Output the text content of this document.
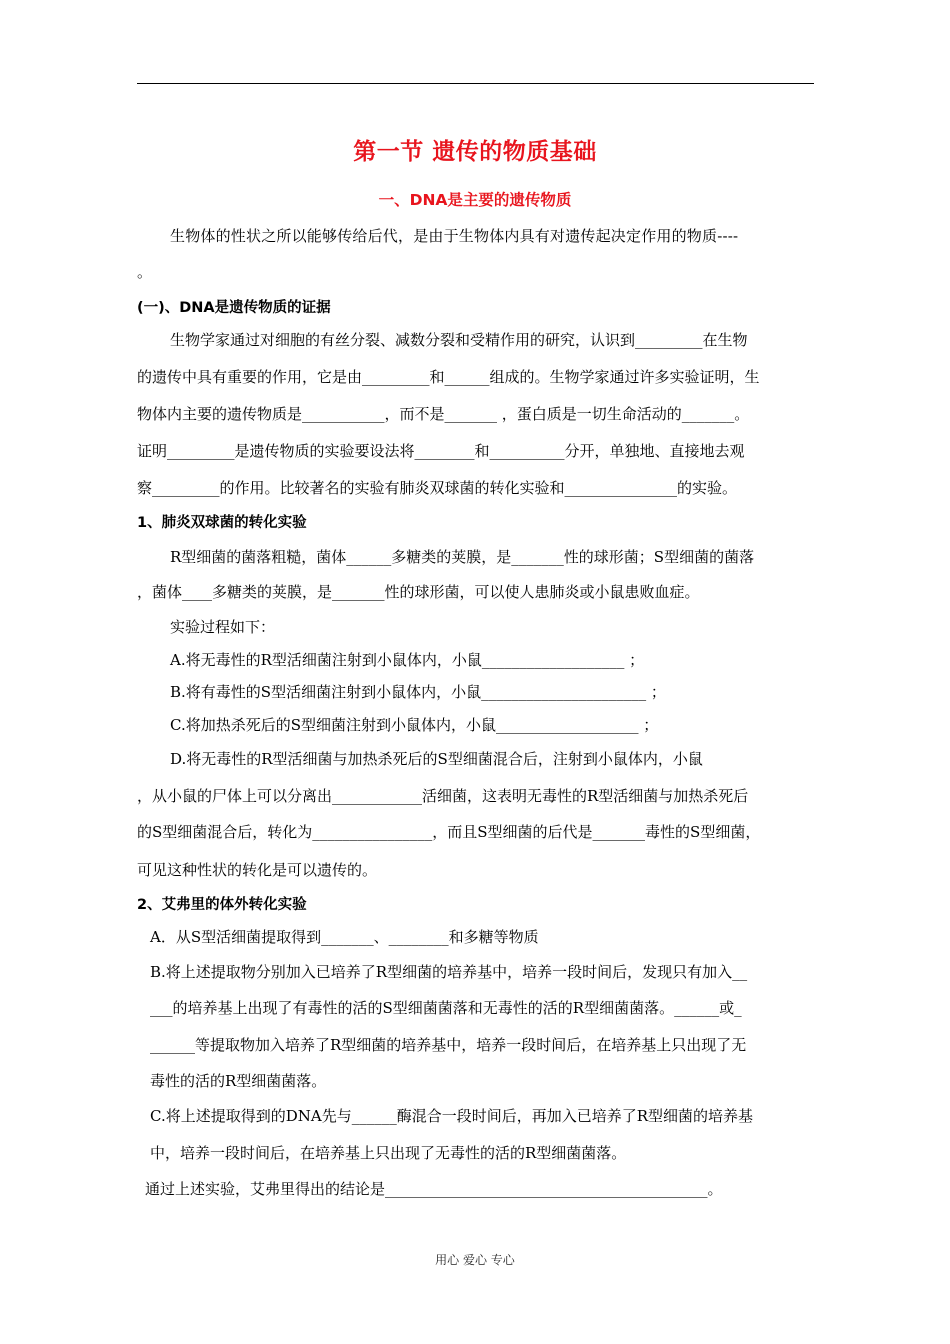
第一节 遗传的物质基础
一、DNA是主要的遗传物质
生物体的性状之所以能够传给后代，是由于生物体内具有对遗传起决定作用的物质----
。
(一)、DNA是遗传物质的证据
生物学家通过对细胞的有丝分裂、减数分裂和受精作用的研究，认识到_________在生物
的遗传中具有重要的作用，它是由_________和______组成的。生物学家通过许多实验证明，生
物体内主要的遗传物质是___________，而不是_______ ，蛋白质是一切生命活动的_______。
证明_________是遗传物质的实验要设法将________和__________分开，单独地、直接地去观
察_________的作用。比较著名的实验有肺炎双球菌的转化实验和_______________的实验。
1、肺炎双球菌的转化实验
R型细菌的菌落粗糙，菌体______多糖类的荚膜，是_______性的球形菌；S型细菌的菌落
，菌体____多糖类的荚膜，是_______性的球形菌，可以使人患肺炎或小鼠患败血症。
实验过程如下：
A.将无毒性的R型活细菌注射到小鼠体内，小鼠___________________ ；
B.将有毒性的S型活细菌注射到小鼠体内，小鼠______________________ ；
C.将加热杀死后的S型细菌注射到小鼠体内，小鼠___________________ ；
D.将无毒性的R型活细菌与加热杀死后的S型细菌混合后，注射到小鼠体内，小鼠
，从小鼠的尸体上可以分离出____________活细菌，这表明无毒性的R型活细菌与加热杀死后
的S型细菌混合后，转化为________________，而且S型细菌的后代是_______毒性的S型细菌，
可见这种性状的转化是可以遗传的。
2、艾弗里的体外转化实验
A．从S型活细菌提取得到_______、________和多糖等物质
B.将上述提取物分别加入已培养了R型细菌的培养基中，培养一段时间后，发现只有加入__
___的培养基上出现了有毒性的活的S型细菌菌落和无毒性的活的R型细菌菌落。______或_
______等提取物加入培养了R型细菌的培养基中，培养一段时间后，在培养基上只出现了无
毒性的活的R型细菌菌落。
C.将上述提取得到的DNA先与______酶混合一段时间后，再加入已培养了R型细菌的培养基
中，培养一段时间后，在培养基上只出现了无毒性的活的R型细菌菌落。
通过上述实验，艾弗里得出的结论是___________________________________________。
用心 爱心 专心
